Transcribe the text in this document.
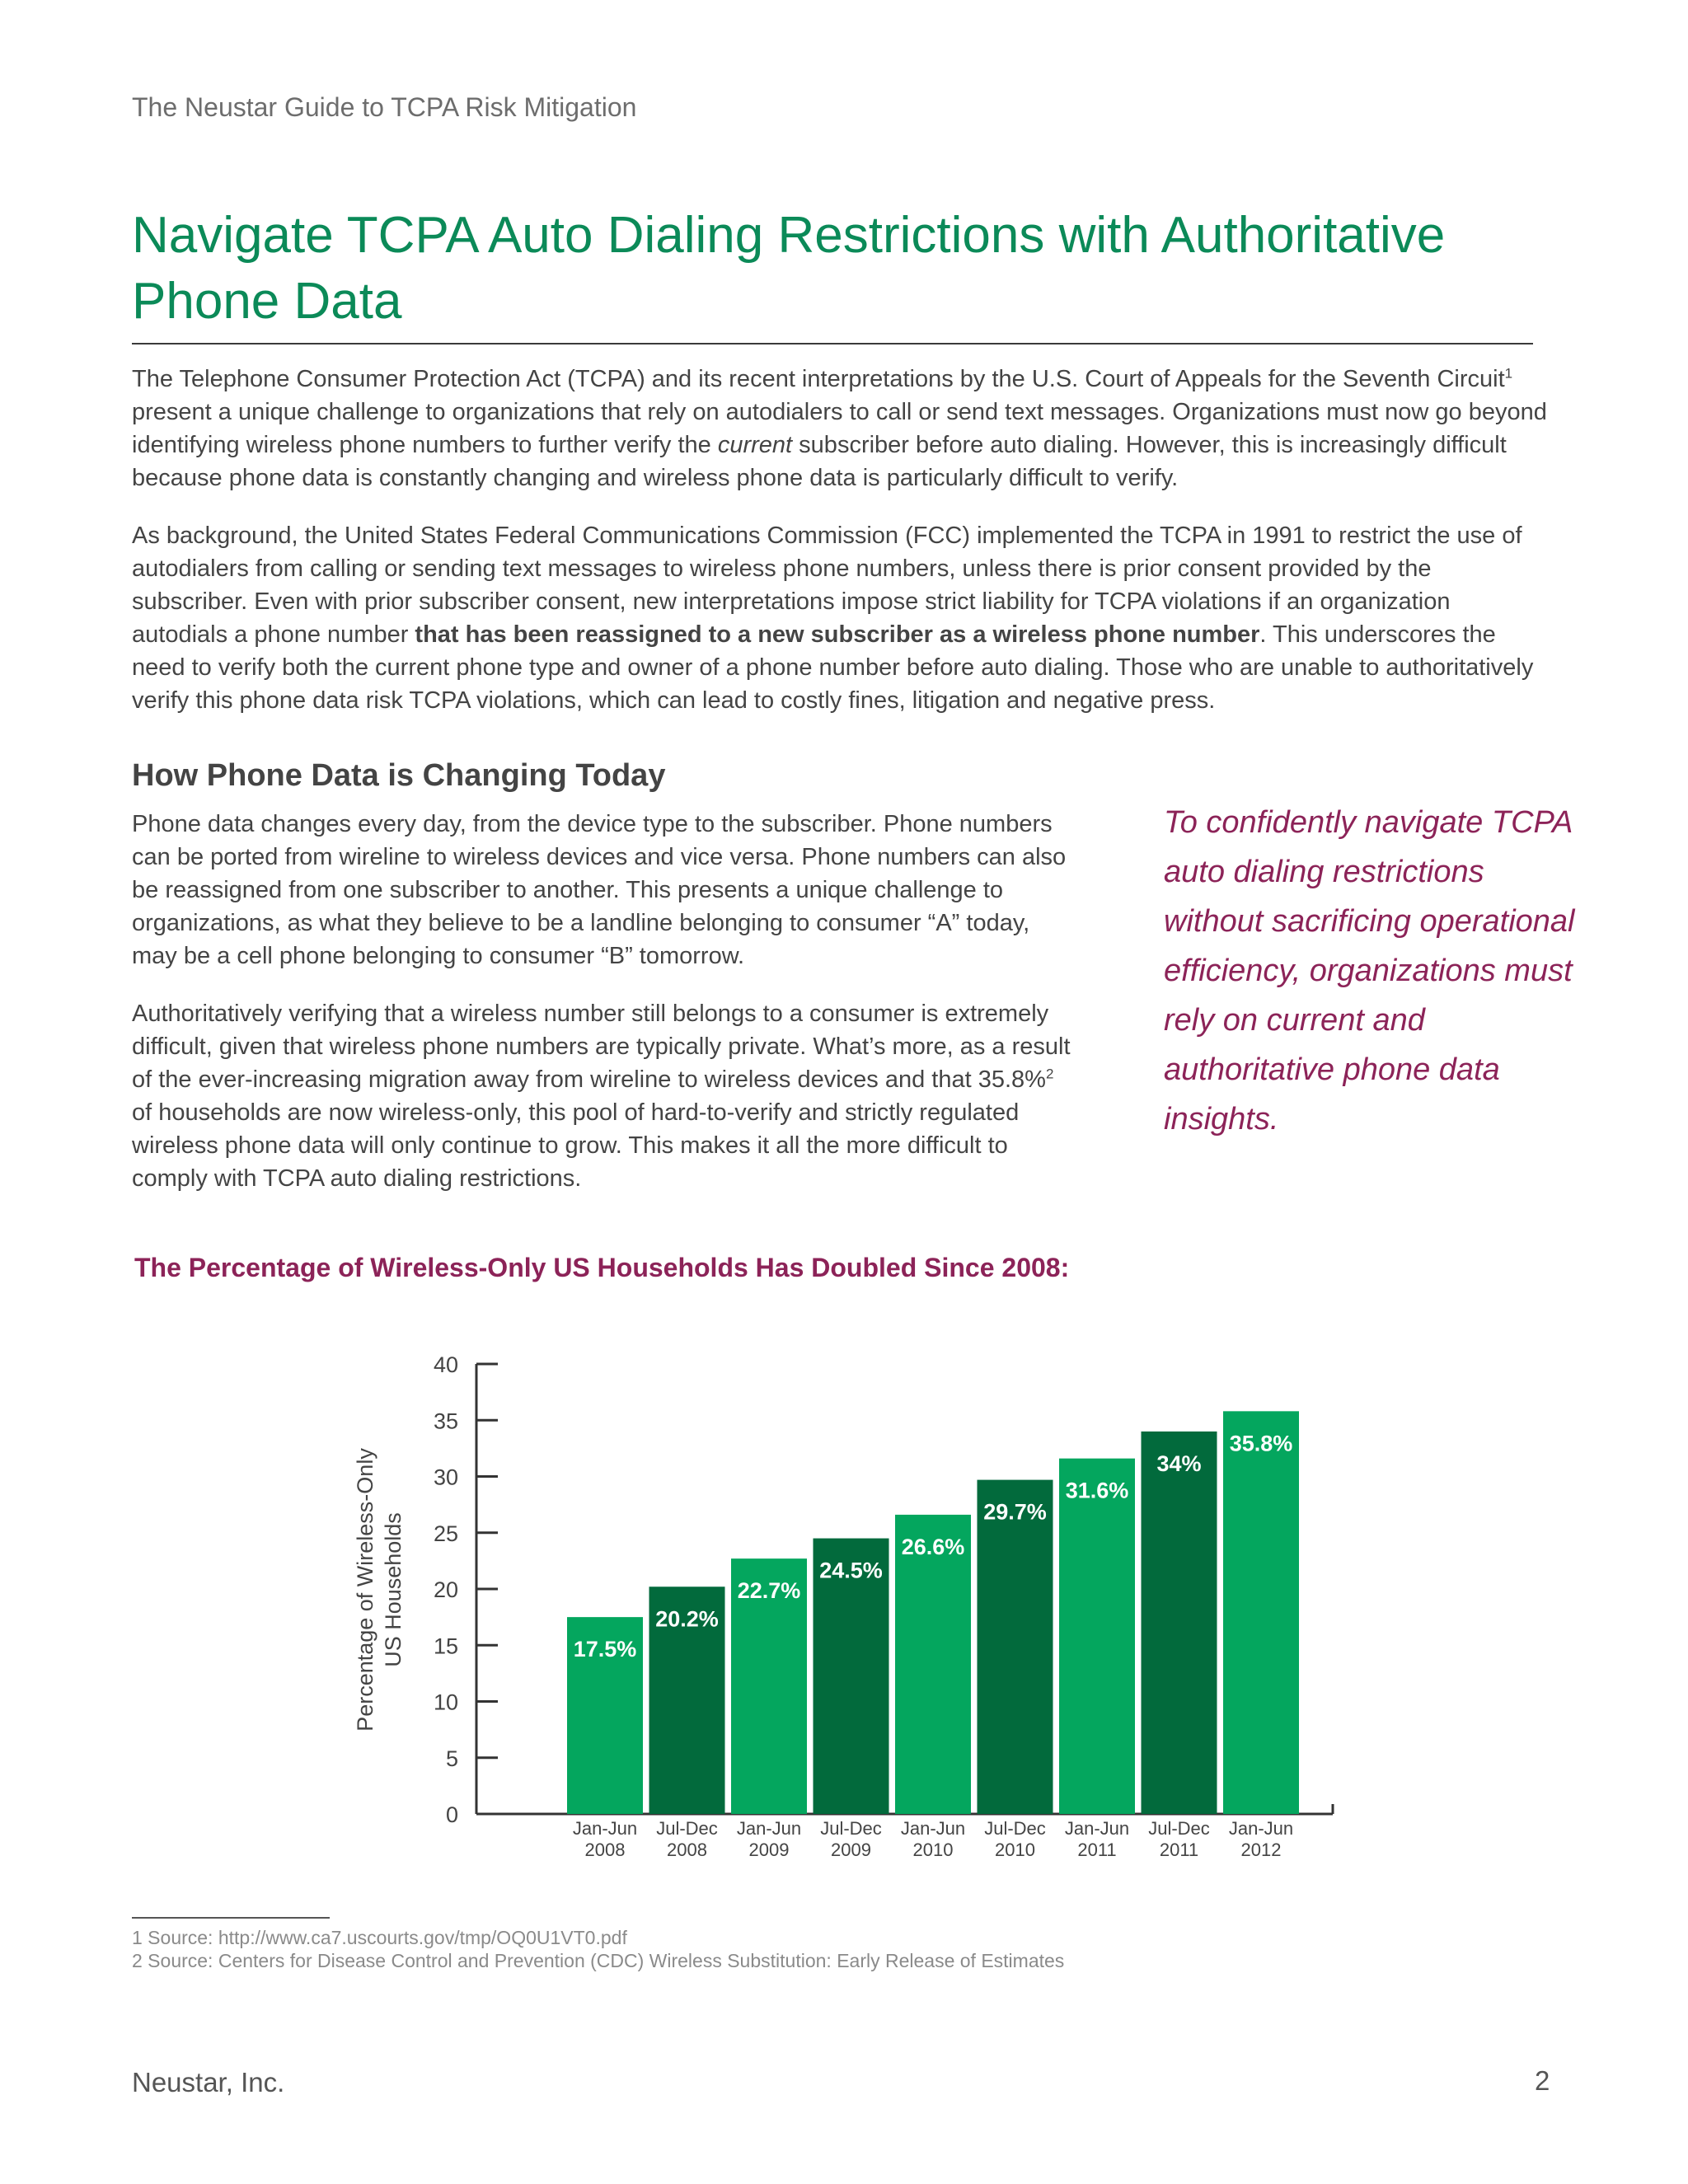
The Neustar Guide to TCPA Risk Mitigation
Navigate TCPA Auto Dialing Restrictions with Authoritative Phone Data

The Telephone Consumer Protection Act (TCPA) and its recent interpretations by the U.S. Court of Appeals for the Seventh Circuit$^1$ present a unique challenge to organizations that rely on autodialers to call or send text messages. Organizations must now go beyond identifying wireless phone numbers to further verify the current subscriber before auto dialing. However, this is increasingly difficult because phone data is constantly changing and wireless phone data is particularly difficult to verify.

As background, the United States Federal Communications Commission (FCC) implemented the TCPA in 1991 to restrict the use of autodialers from calling or sending text messages to wireless phone numbers, unless there is prior consent provided by the subscriber. Even with prior subscriber consent, new interpretations impose strict liability for TCPA violations if an organization autodials a phone number that has been reassigned to a new subscriber as a wireless phone number. This underscores the need to verify both the current phone type and owner of a phone number before auto dialing. Those who are unable to authoritatively verify this phone data risk TCPA violations, which can lead to costly fines, litigation and negative press.

How Phone Data is Changing Today

Phone data changes every day, from the device type to the subscriber. Phone numbers can be ported from wireline to wireless devices and vice versa. Phone numbers can also be reassigned from one subscriber to another. This presents a unique challenge to organizations, as what they believe to be a landline belonging to consumer “A” today, may be a cell phone belonging to consumer “B” tomorrow.

Authoritatively verifying that a wireless number still belongs to a consumer is extremely difficult, given that wireless phone numbers are typically private. What’s more, as a result of the ever-increasing migration away from wireline to wireless devices and that 35.8%$^2$ of households are now wireless-only, this pool of hard-to-verify and strictly regulated wireless phone data will only continue to grow. This makes it all the more difficult to comply with TCPA auto dialing restrictions.

To confidently navigate TCPA auto dialing restrictions without sacrificing operational efficiency, organizations must rely on current and authoritative phone data insights.

The Percentage of Wireless-Only US Households Has Doubled Since 2008:
0
5
10
15
20
25
30
35
40
Percentage of Wireless-Only US Households	17.5%
Jan-Jun
2008
20.2%
Jul-Dec
2008
22.7%
Jan-Jun
2009
24.5%
Jul-Dec
2009
26.6%
Jan-Jun
2010
29.7%
Jul-Dec
2010
31.6%
Jan-Jun
2011
34%
Jul-Dec
2011
35.8%
Jan-Jun
2012

1 Source: http://www.ca7.uscourts.gov/tmp/OQ0U1VT0.pdf

2 Source: Centers for Disease Control and Prevention (CDC) Wireless Substitution: Early Release of Estimates

Neustar, Inc.	2
